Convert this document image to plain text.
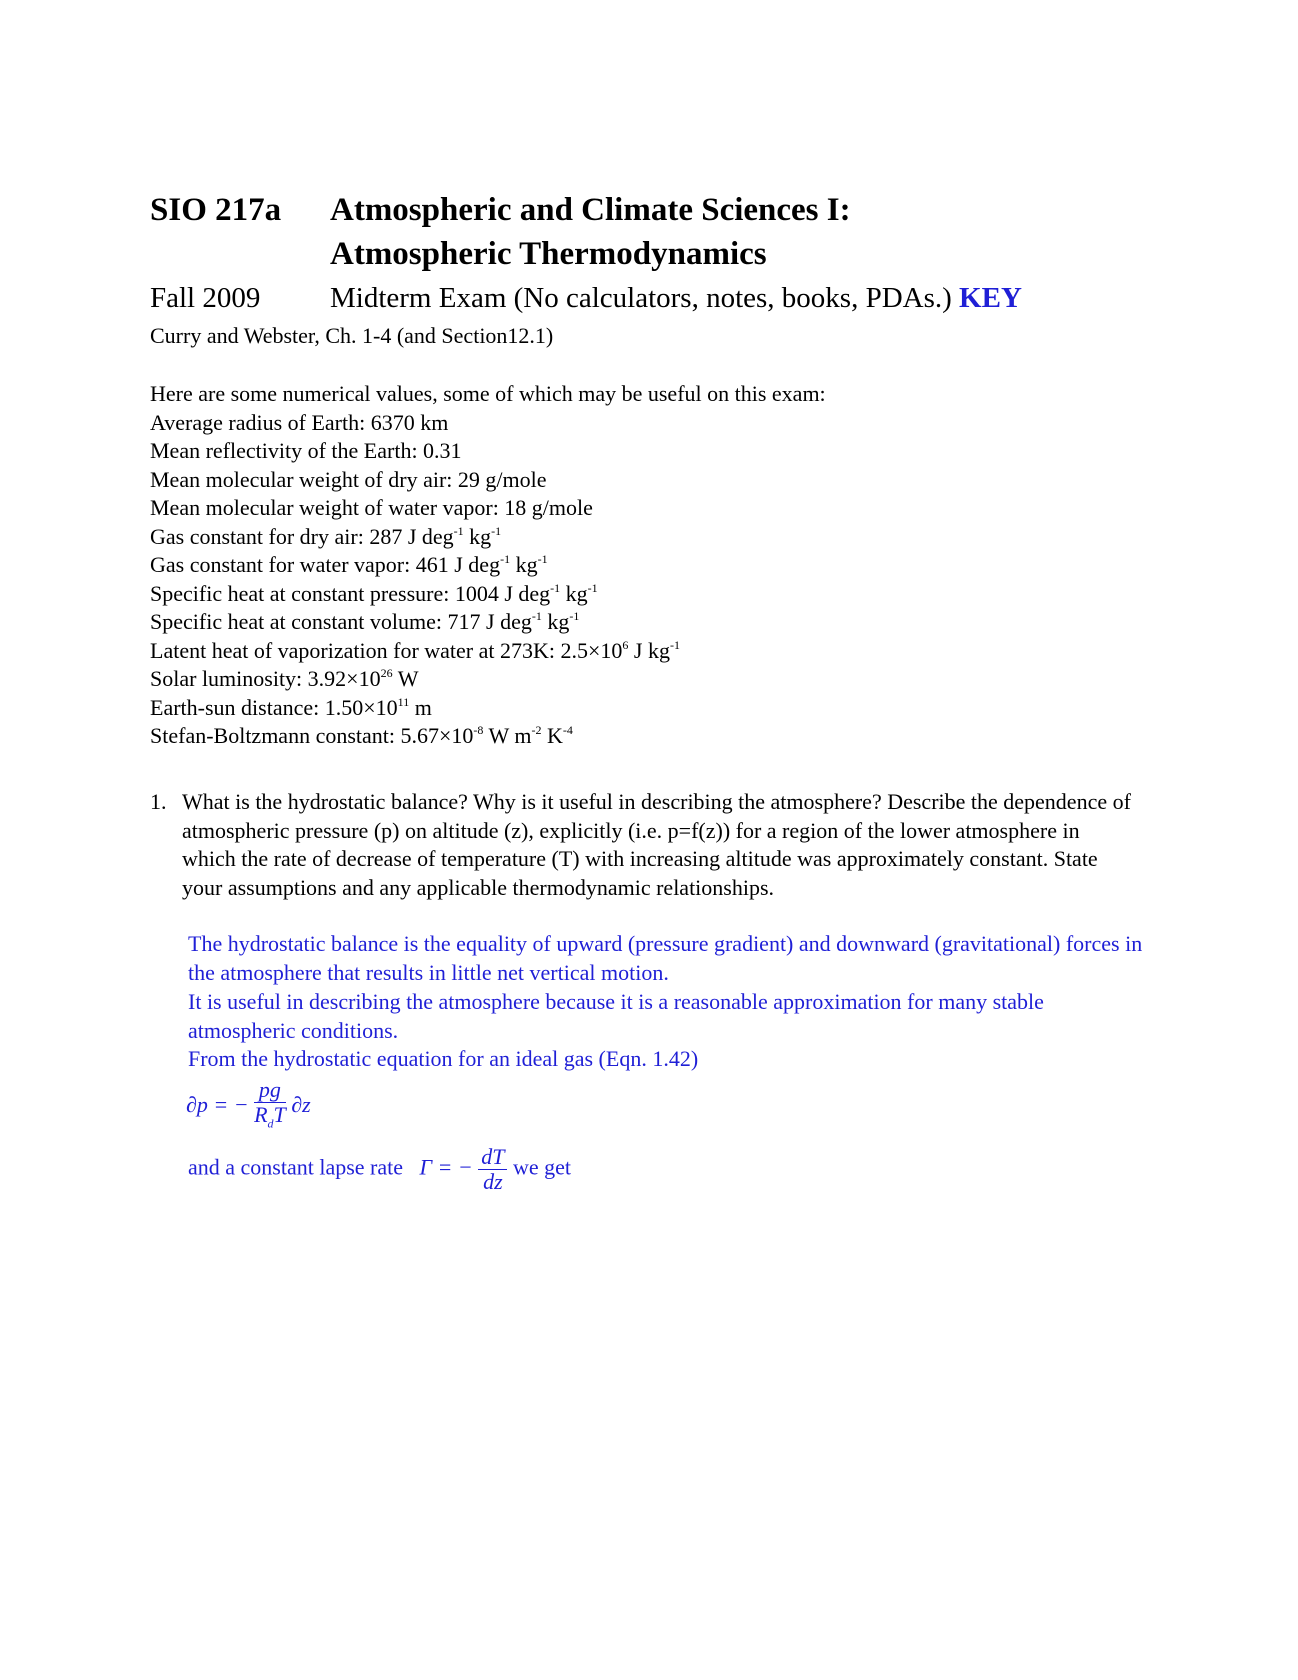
SIO 217a Atmospheric and Climate Sciences I:
Atmospheric Thermodynamics
Fall 2009 Midterm Exam (No calculators, notes, books, PDAs.) KEY
Curry and Webster, Ch. 1-4 (and Section12.1)
Here are some numerical values, some of which may be useful on this exam:
Average radius of Earth: 6370 km
Mean reflectivity of the Earth: 0.31
Mean molecular weight of dry air: 29 g/mole
Mean molecular weight of water vapor: 18 g/mole
Gas constant for dry air: 287 J deg$^{-1}$ $kg^{-1}$
Gas constant for water vapor: 461 J deg$^{-1}$ $kg^{-1}$
Specific heat at constant pressure: 1004 J deg$^{-1}$ $kg^{-1}$
Specific heat at constant volume: 717 J deg$^{-1}$ $kg^{-1}$
Latent heat of vaporization for water at 273K: $2.5\times 10^6$ J $kg^{-1}$
Solar luminosity: $3.92\times 10^{26}$ W
Earth-sun distance: $1.50\times 10^{11}$ m
Stefan-Boltzmann constant: $5.67\times 10^{-8}$ W $m^{-2}$ $K^{-4}$
1. What is the hydrostatic balance? Why is it useful in describing the atmosphere? Describe the dependence of atmospheric pressure (p) on altitude (z), explicitly (i.e. p=f(z)) for a region of the lower atmosphere in which the rate of decrease of temperature (T) with increasing altitude was approximately constant. State your assumptions and any applicable thermodynamic relationships.
The hydrostatic balance is the equality of upward (pressure gradient) and downward (gravitational) forces in the atmosphere that results in little net vertical motion.
It is useful in describing the atmosphere because it is a reasonable approximation for many stable atmospheric conditions.
From the hydrostatic equation for an ideal gas (Eqn. 1.42)
∂p = − $\frac{pg}{R_dT} \partial z$
and a constant lapse rate Γ = − $\frac{dT}{dz}$ we get
